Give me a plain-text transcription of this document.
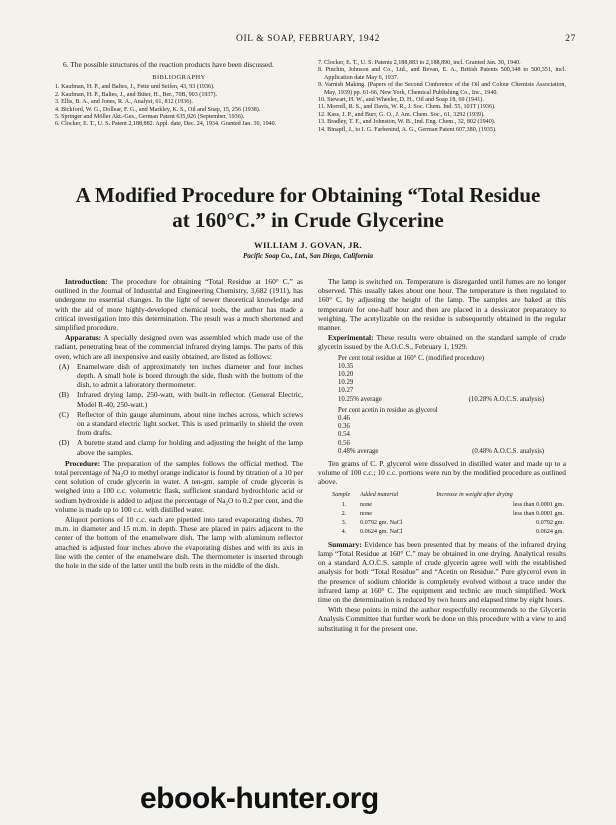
OIL & SOAP, FEBRUARY, 1942	27

6. The possible structures of the reaction products have been discussed.

BIBLIOGRAPHY

1. Kaufman, H. P., and Baltes, J., Fette und Seifen, 43, 93 (1936).

2. Kaufman, H. P., Baltes, J., and Büter, H., Ber., 70B, 903 (1937).

3. Ellis, B. A., and Jones, R. A., Analyst, 61, 812 (1936).

4. Bickford, W. G., Dollear, F. G., and Markley, K. S., Oil and Soap, 15, 256 (1938).

5. Springer and Möller Akt.-Ges., German Patent 635,926 (September, 1936).

6. Clocker, E. T., U. S. Patent 2,188,882. Appl. date, Dec. 24, 1934. Granted Jan. 30, 1940.

7. Clocker, E. T., U. S. Patents 2,188,883 to 2,188,890, incl. Granted Jan. 30, 1940.

8. Pinchin, Johnson and Co., Ltd., and Bevan, E. A., British Patents 500,348 to 500,351, incl. Application date May 6, 1937.

9. Varnish Making. (Papers of the Second Conference of the Oil and Colour Chemists Association, May, 1939) pp. 61-66, New York, Chemical Publishing Co., Inc., 1940.

10. Stewart, H. W., and Wheeler, D. H., Oil and Soap 18, 69 (1941).

11. Morrell, R. S., and Davis, W. R., J. Soc. Chem. Ind. 55, 101T (1936).

12. Kass, J. P., and Burr, G. O., J. Am. Chem. Soc., 61, 3292 (1939).

13. Bradley, T. F., and Johnston, W. B., Ind. Eng. Chem., 32, 802 (1940).

14. Binapfl, J., to I. G. Farbenind, A. G., German Patent 607,380, (1935).

A Modified Procedure for Obtaining “Total Residue
at 160°C.” in Crude Glycerine
WILLIAM J. GOVAN, JR.
Pacific Soap Co., Ltd., San Diego, California

Introduction: The procedure for obtaining “Total Residue at 160° C.” as outlined in the Journal of Industrial and Engineering Chemistry, 3,682 (1911), has undergone no essential changes. In the light of newer theoretical knowledge and with the aid of more highly-developed chemical tools, the author has made a critical investigation into this determination. The result was a much shortened and simplified procedure.

Apparatus: A specially designed oven was assembled which made use of the radiant, penetrating heat of the commercial infrared drying lamps. The parts of this oven, which are all inexpensive and easily obtained, are listed as follows:

(A)	Enamelware dish of approximately ten inches diameter and four inches depth. A small hole is bored through the side, flush with the bottom of the dish, to admit a laboratory thermometer.
(B)	Infrared drying lamp, 250-watt, with built-in reflector. (General Electric, Model R-40, 250-watt.)
(C)	Reflector of thin gauge aluminum, about nine inches across, which screws on a standard electric light socket. This is used primarily to shield the oven from drafts.
(D)	A burette stand and clamp for holding and adjusting the height of the lamp above the samples.

Procedure: The preparation of the samples follows the official method. The total percentage of Na₂O to methyl orange indicator is found by titration of a 10 per cent solution of crude glycerin in water. A ten-gm. sample of crude glycerin is weighed into a 100 c.c. volumetric flask, sufficient standard hydrochloric acid or sodium hydroxide is added to adjust the percentage of Na₂O to 0.2 per cent, and the volume is made up to 100 c.c. with distilled water.

Aliquot portions of 10 c.c. each are pipetted into tared evaporating dishes, 70 m.m. in diameter and 15 m.m. in depth. These are placed in pairs adjacent to the center of the bottom of the enamelware dish. The lamp with aluminum reflector attached is adjusted four inches above the evaporating dishes and with its axis in line with the center of the enamelware dish. The thermometer is inserted through the hole in the side of the latter until the bulb rests in the middle of the dish.

The lamp is switched on. Temperature is disregarded until fumes are no longer observed. This usually takes about one hour. The temperature is then regulated to 160° C. by adjusting the height of the lamp. The samples are baked at this temperature for one-half hour and then are placed in a dessicator preparatory to weighing. The acetylizable on the residue is subsequently obtained in the regular manner.

Experimental: These results were obtained on the standard sample of crude glycerin issued by the A.O.C.S., February 1, 1929.

Per cent total residue at 160° C. (modified procedure)
10.35
10.20
10.29
10.27
10.25% average	(10.28% A.O.C.S. analysis)
Per cent acetin in residue as glycerol
0.46
0.36
0.54
0.56
0.48% average	(0.48% A.O.C.S. analysis)

Ten grams of C. P. glycerol were dissolved in distilled water and made up to a volume of 100 c.c.; 10 c.c. portions were run by the modified procedure as outlined above.

Sample	Added material	Increase in weight after drying
1.	none	less than 0.0001 gm.
2.	none	less than 0.0001 gm.
3.	0.0792 gm. NaCl	0.0792 gm.
4.	0.0624 gm. NaCl	0.0624 gm.

Summary: Evidence has been presented that by means of the infrared drying lamp “Total Residue at 160° C.” may be obtained in one drying. Analytical results on a standard A.O.C.S. sample of crude glycerin agree well with the established analysis for both “Total Residue” and “Acetin on Residue.” Pure glycerol even in the presence of sodium chloride is completely evolved without a trace under the infrared lamp at 160° C. The equipment and technic are much simplified. Work time on the determination is reduced by two hours and elapsed time by eight hours.

With these points in mind the author respectfully recommends to the Glycerin Analysis Committee that further work be done on this procedure with a view to and substituting it for the present one.

ebook-hunter.org
